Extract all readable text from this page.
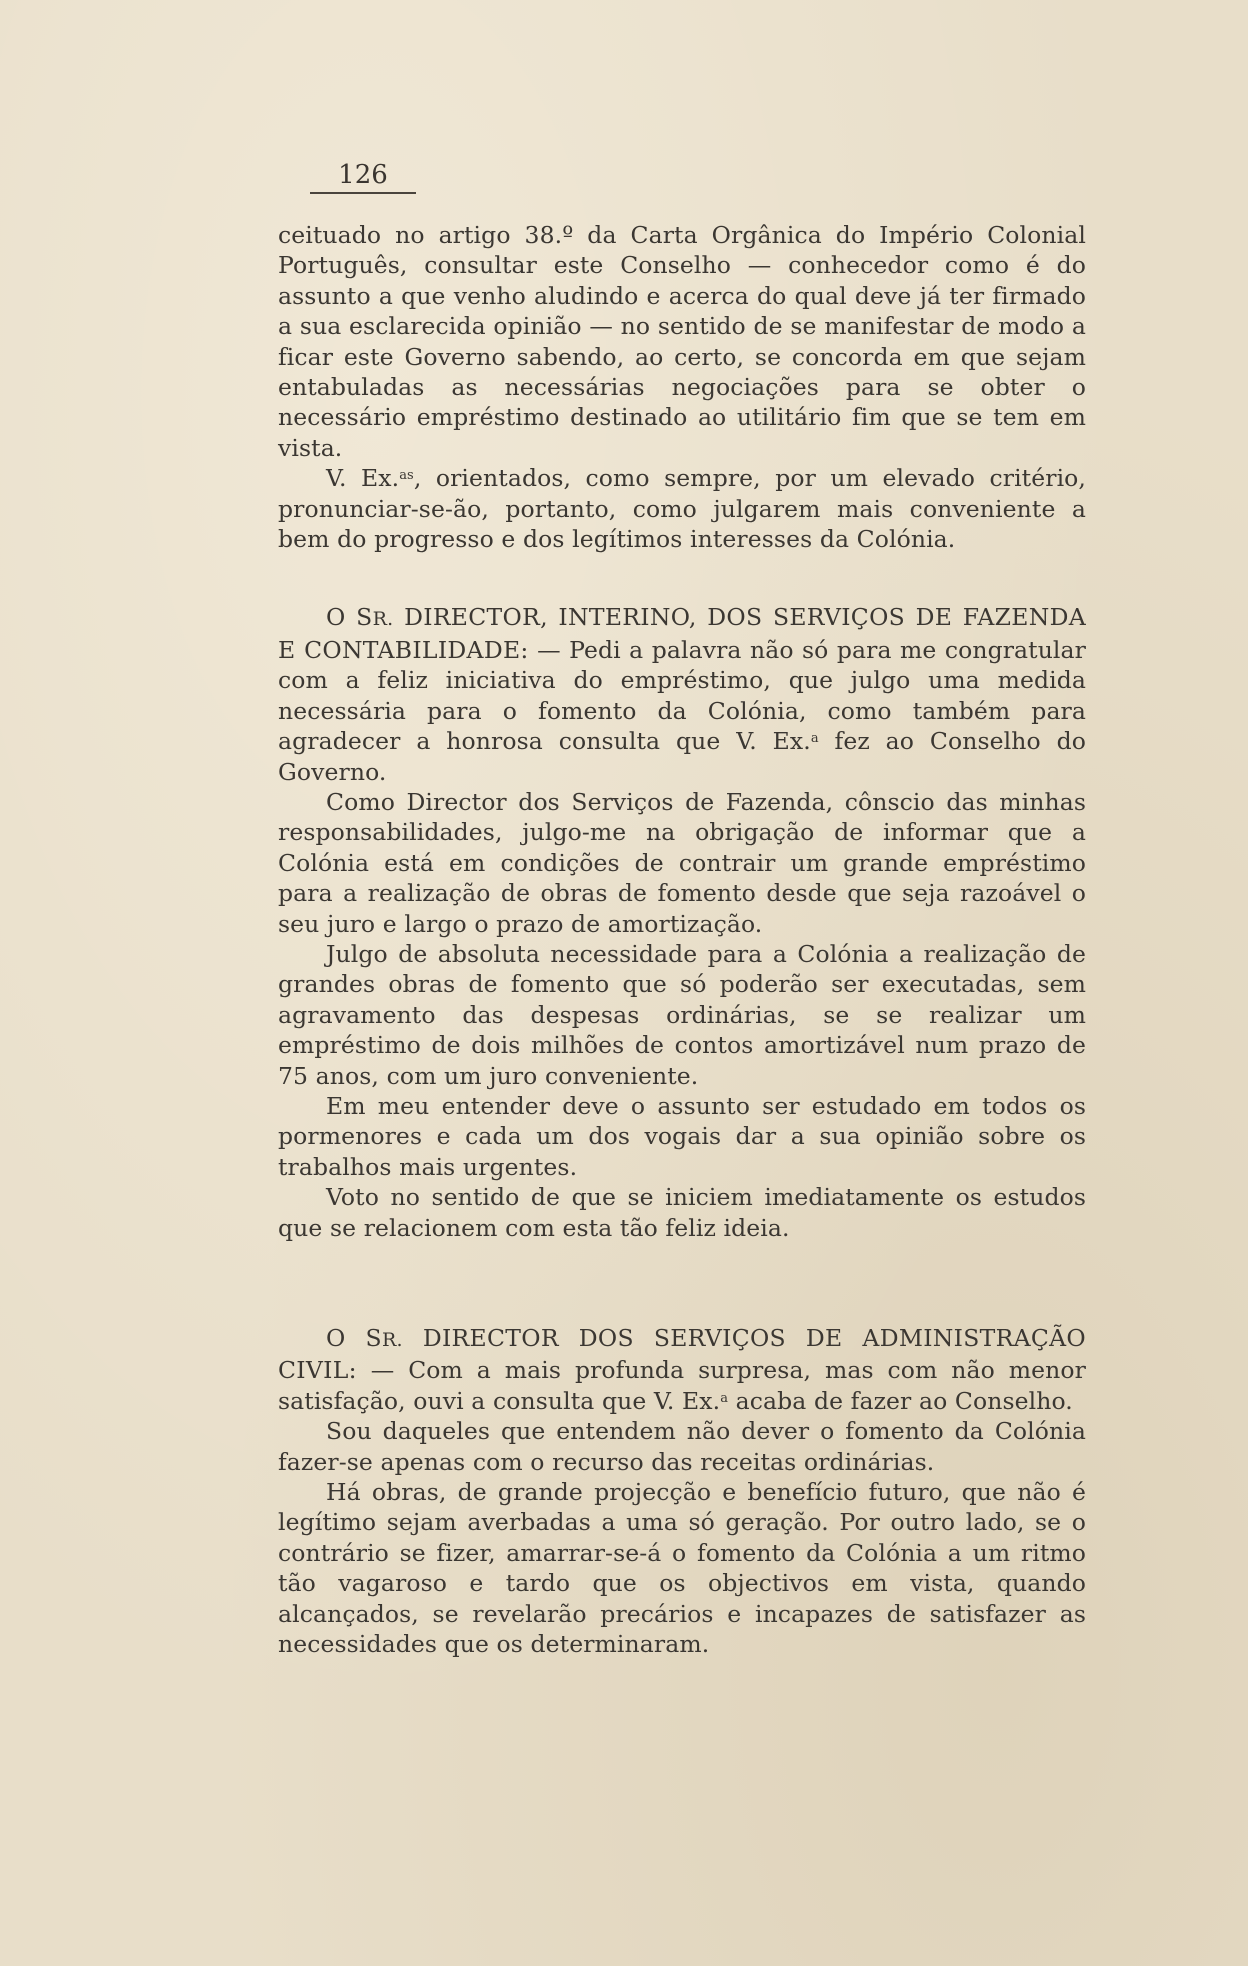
126

ceituado no artigo 38.º da Carta Orgânica do Império Colonial Português, consultar este Conselho — conhecedor como é do assunto a que venho aludindo e acerca do qual deve já ter firmado a sua esclarecida opinião — no sentido de se manifestar de modo a ficar este Governo sabendo, ao certo, se concorda em que sejam entabuladas as necessárias negociações para se obter o necessário empréstimo destinado ao utilitário fim que se tem em vista.

V. Ex.$^{as}$, orientados, como sempre, por um elevado critério, pronunciar-se-ão, portanto, como julgarem mais conveniente a bem do progresso e dos legítimos interesses da Colónia.

O SR. DIRECTOR, INTERINO, DOS SERVIÇOS DE FAZENDA E CONTABILIDADE: — Pedi a palavra não só para me congratular com a feliz iniciativa do empréstimo, que julgo uma medida necessária para o fomento da Colónia, como também para agradecer a honrosa consulta que V. Ex.$^a$ fez ao Conselho do Governo.

Como Director dos Serviços de Fazenda, cônscio das minhas responsabilidades, julgo-me na obrigação de informar que a Colónia está em condições de contrair um grande empréstimo para a realização de obras de fomento desde que seja razoável o seu juro e largo o prazo de amortização.

Julgo de absoluta necessidade para a Colónia a realização de grandes obras de fomento que só poderão ser executadas, sem agravamento das despesas ordinárias, se se realizar um empréstimo de dois milhões de contos amortizável num prazo de 75 anos, com um juro conveniente.

Em meu entender deve o assunto ser estudado em todos os pormenores e cada um dos vogais dar a sua opinião sobre os trabalhos mais urgentes.

Voto no sentido de que se iniciem imediatamente os estudos que se relacionem com esta tão feliz ideia.

O SR. DIRECTOR DOS SERVIÇOS DE ADMINISTRAÇÃO CIVIL: — Com a mais profunda surpresa, mas com não menor satisfação, ouvi a consulta que V. Ex.$^a$ acaba de fazer ao Conselho.

Sou daqueles que entendem não dever o fomento da Colónia fazer-se apenas com o recurso das receitas ordinárias.

Há obras, de grande projecção e benefício futuro, que não é legítimo sejam averbadas a uma só geração. Por outro lado, se o contrário se fizer, amarrar-se-á o fomento da Colónia a um ritmo tão vagaroso e tardo que os objectivos em vista, quando alcançados, se revelarão precários e incapazes de satisfazer as necessidades que os determinaram.
